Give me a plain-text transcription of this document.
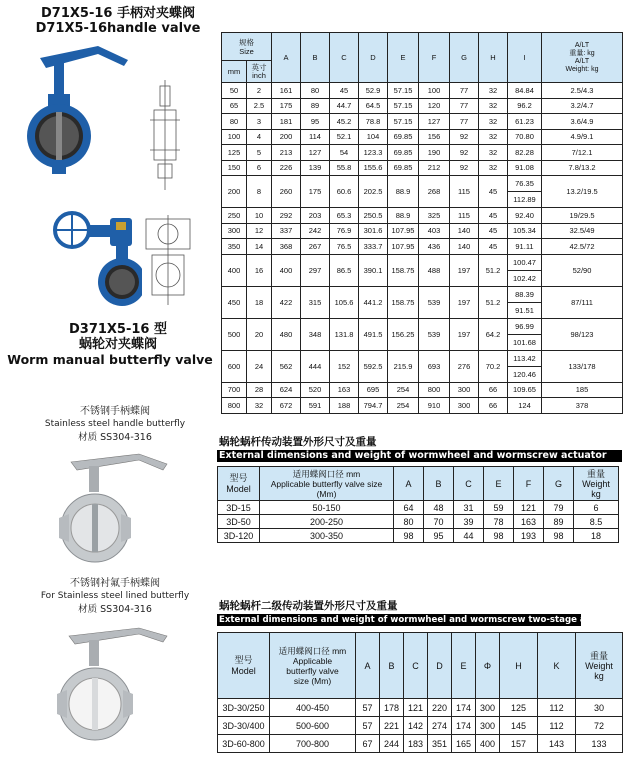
D71X5-16 手柄对夹蝶阀
D71X5-16handle valve
D371X5-16 型
蜗轮对夹蝶阀
Worm manual butterfly valve
不锈钢手柄蝶阀
Stainless steel handle butterfly
材质 SS304-316
不锈钢衬氟手柄蝶阀
For Stainless steel lined butterfly
材质 SS304-316
规格
Size		A	B	C	D	E	F	G	H	I	A/LT
重量: kg
A/LT
Weight: kg
mm	英寸
inch										
50	2	161	80	45	52.9	57.15	100	77	32	84.84	2.5/4.3
65	2.5	175	89	44.7	64.5	57.15	120	77	32	96.2	3.2/4.7
80	3	181	95	45.2	78.8	57.15	127	77	32	61.23	3.6/4.9
100	4	200	114	52.1	104	69.85	156	92	32	70.80	4.9/9.1
125	5	213	127	54	123.3	69.85	190	92	32	82.28	7/12.1
150	6	226	139	55.8	155.6	69.85	212	92	32	91.08	7.8/13.2
200	8	260	175	60.6	202.5	88.9	268	115	45	76.35	13.2/19.5
										112.89	
250	10	292	203	65.3	250.5	88.9	325	115	45	92.40	19/29.5
300	12	337	242	76.9	301.6	107.95	403	140	45	105.34	32.5/49
350	14	368	267	76.5	333.7	107.95	436	140	45	91.11	42.5/72
400	16	400	297	86.5	390.1	158.75	488	197	51.2	100.47	52/90
										102.42	
450	18	422	315	105.6	441.2	158.75	539	197	51.2	88.39	87/111
										91.51	
500	20	480	348	131.8	491.5	156.25	539	197	64.2	96.99	98/123
										101.68	
600	24	562	444	152	592.5	215.9	693	276	70.2	113.42	133/178
										120.46	
700	28	624	520	163	695	254	800	300	66	109.65	185
800	32	672	591	188	794.7	254	910	300	66	124	378
蜗轮蜗杆传动装置外形尺寸及重量
External dimensions and weight of wormwheel and wormscrew actuator
型号
Model	适用蝶阀口径 mm
Applicable butterfly valve size
(Mm)	A	B	C	E	F	G	重量
Weight
kg
3D-15	50-150	64	48	31	59	121	79	6
3D-50	200-250	80	70	39	78	163	89	8.5
3D-120	300-350	98	95	44	98	193	98	18
蜗轮蜗杆二级传动装置外形尺寸及重量
External dimensions and weight of wormwheel and wormscrew two-stage actuator
型号
Model	适用蝶阀口径 mm
Applicable
butterfly valve
size (Mm)	A	B	C	D	E	Φ	H	K	重量
Weight
kg
3D-30/250	400-450	57	178	121	220	174	300	125	112	30
3D-30/400	500-600	57	221	142	274	174	300	145	112	72
3D-60-800	700-800	67	244	183	351	165	400	157	143	133
